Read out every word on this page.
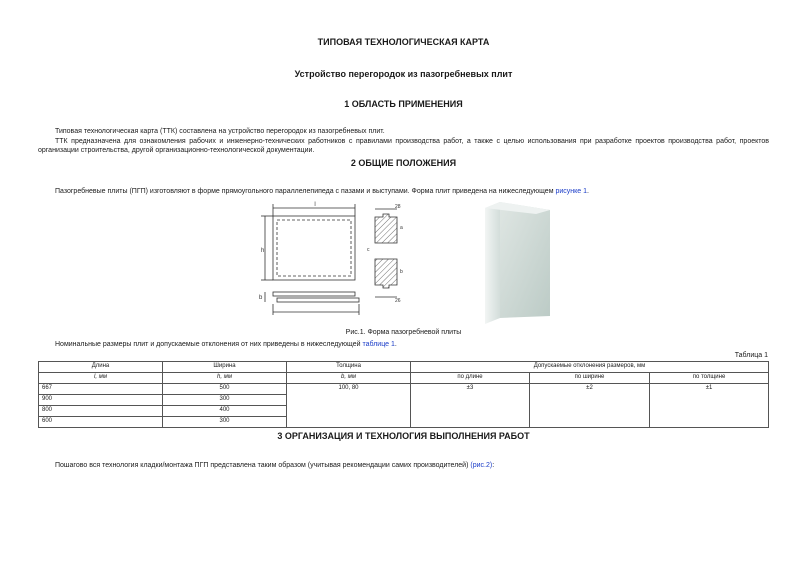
ТИПОВАЯ ТЕХНОЛОГИЧЕСКАЯ КАРТА
Устройство перегородок из пазогребневых плит
1 ОБЛАСТЬ ПРИМЕНЕНИЯ
Типовая технологическая карта (ТТК) составлена на устройство перегородок из пазогребневых плит.
ТТК предназначена для ознакомления рабочих и инженерно-технических работников с правилами производства работ, а также с целью использования при разработке проектов производства работ, проектов организации строительства, другой организационно-технологической документации.
2 ОБЩИЕ ПОЛОЖЕНИЯ
Пазогребневые плиты (ПГП) изготовляют в форме прямоугольного параллелепипеда с пазами и выступами. Форма плит приведена на нижеследующем рисунке 1.
l
h
b
28
a
b
26
c
Рис.1. Форма пазогребневой плиты
Номинальные размеры плит и допускаемые отклонения от них приведены в нижеследующей таблице 1.
Таблица 1
Длина	Ширина	Толщина	Допускаемые отклонения размеров, мм		
l, мм	h, мм	b, мм	по длине	по ширине	по толщине
667	500	100, 80	±3	±2	±1
900	300				
800	400				
600	300				
3 ОРГАНИЗАЦИЯ И ТЕХНОЛОГИЯ ВЫПОЛНЕНИЯ РАБОТ
Пошагово вся технология кладки/монтажа ПГП представлена таким образом (учитывая рекомендации самих производителей) (рис.2):
